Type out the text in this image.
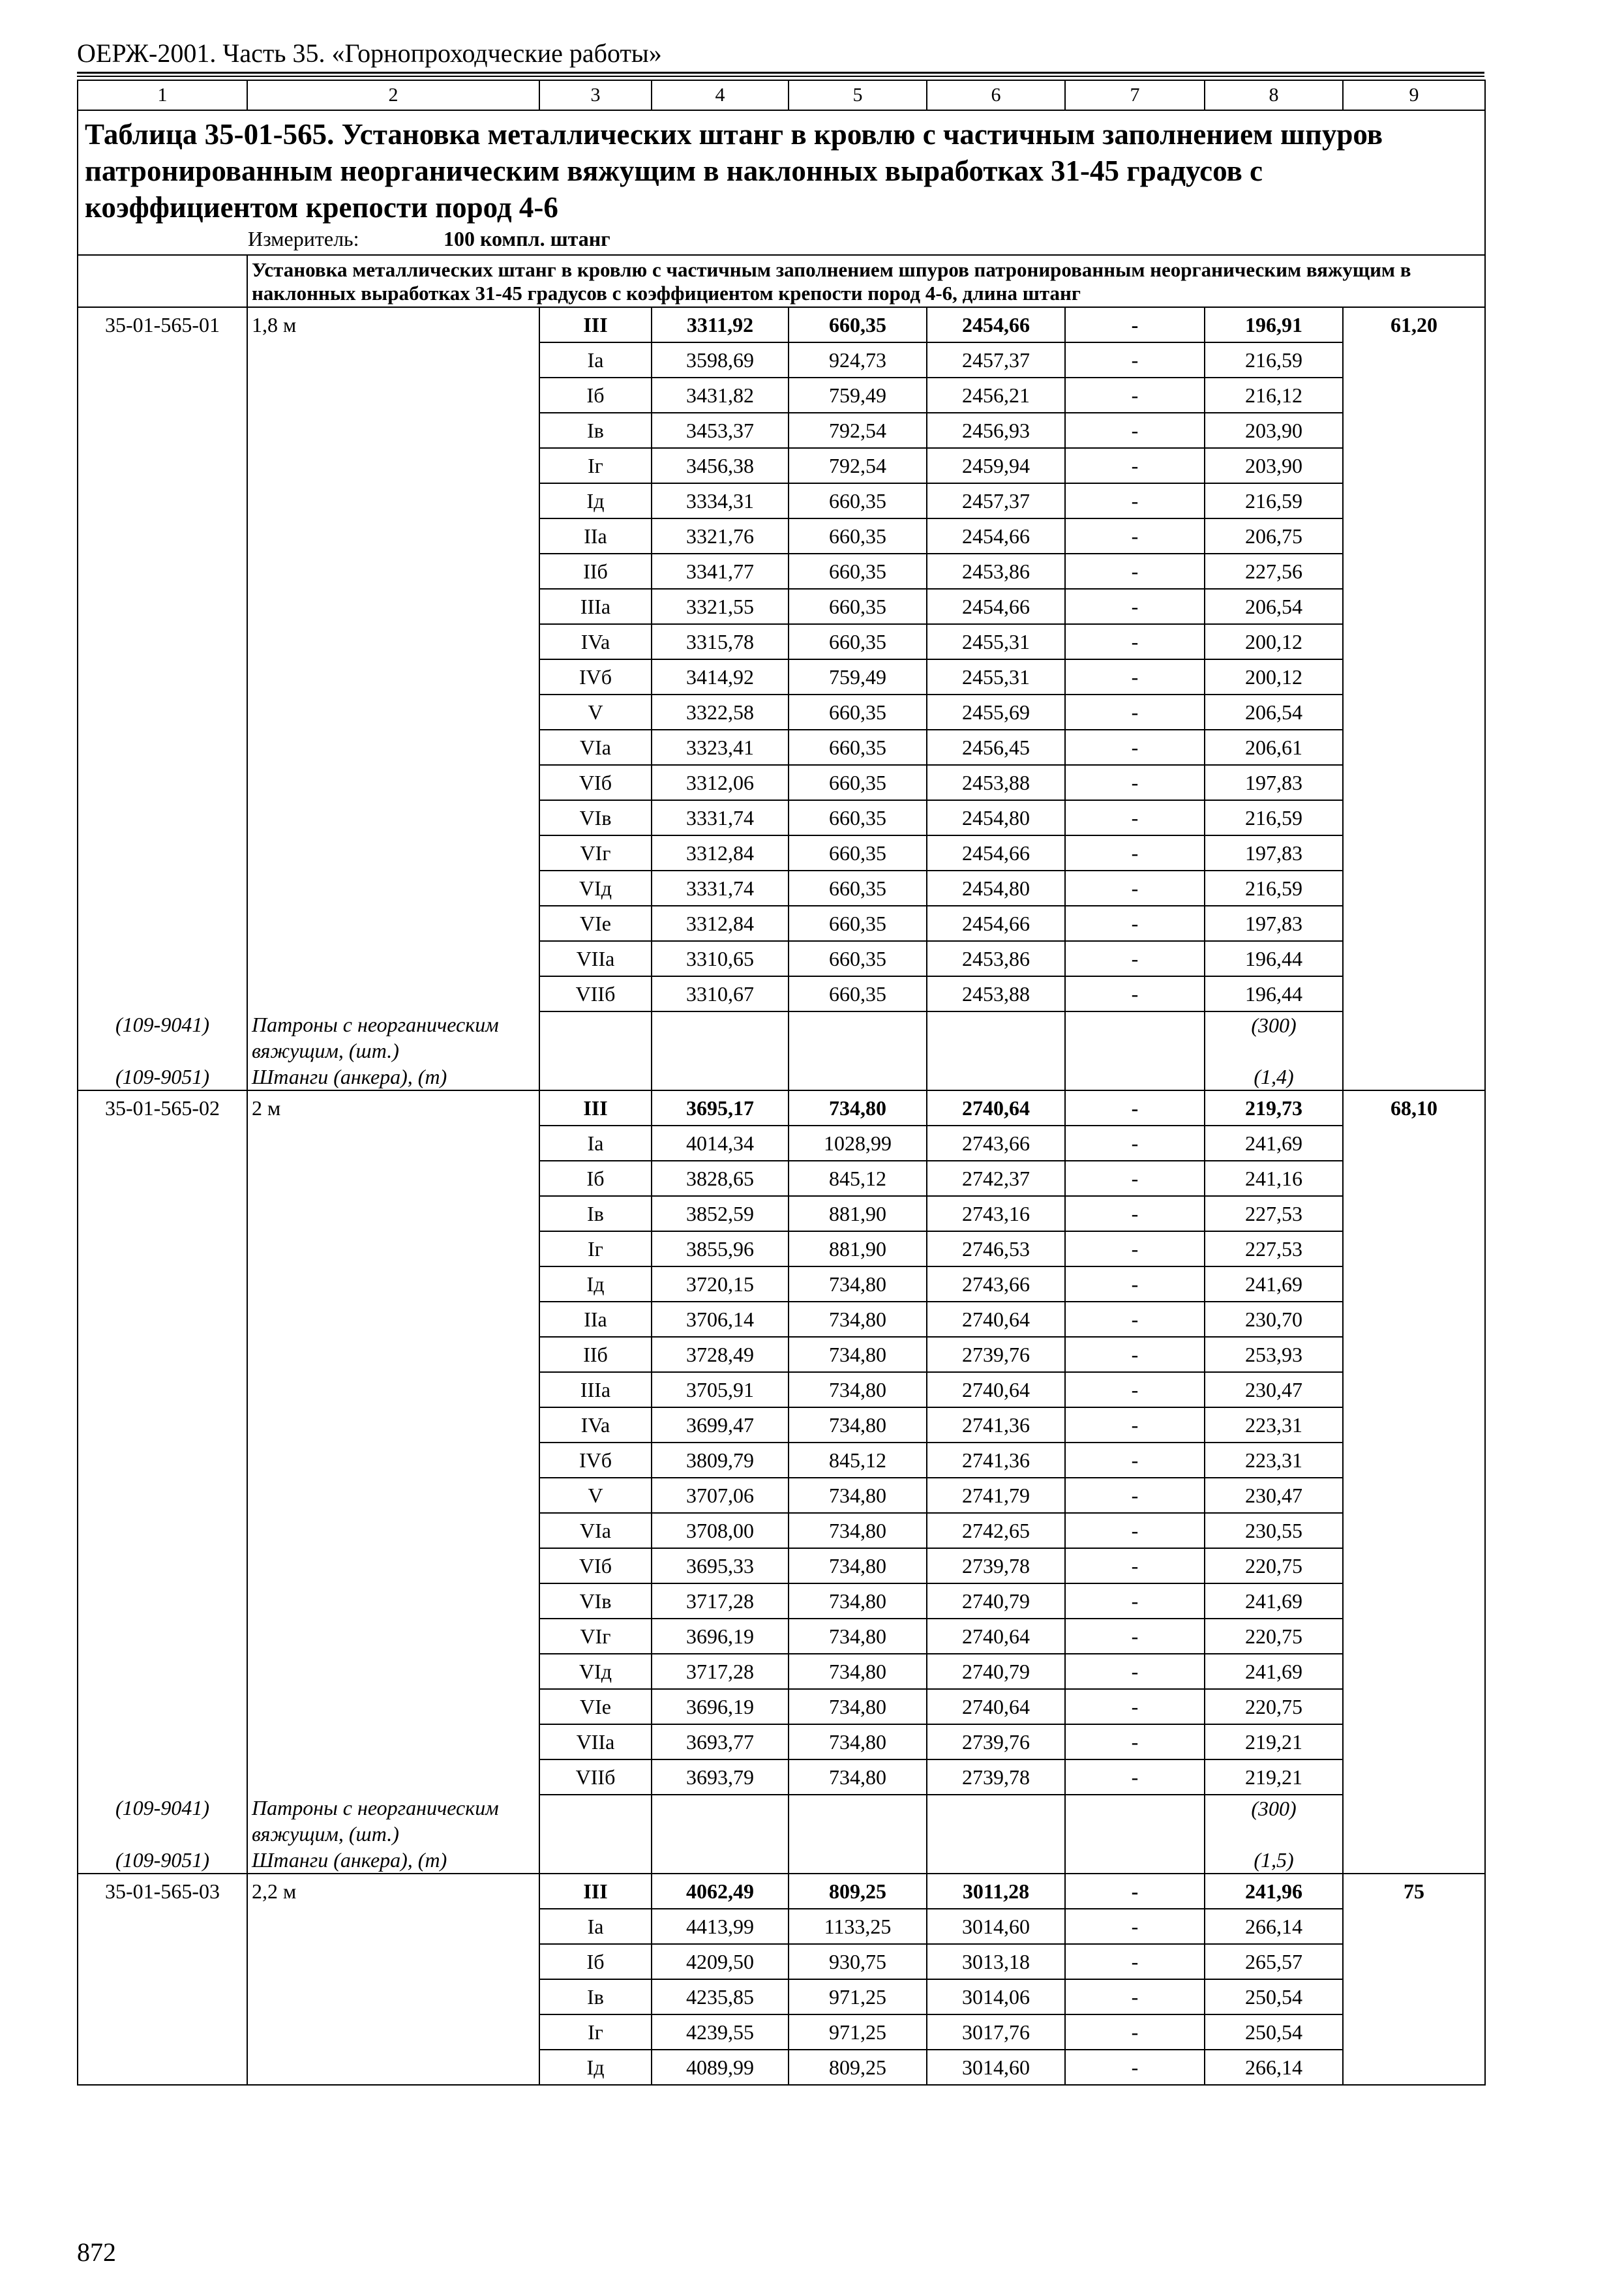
ОЕРЖ-2001. Часть 35. «Горнопроходческие работы»
1	2	3	4	5	6	7	8	9

Таблица 35-01-565. Установка металлических штанг в кровлю с частичным заполнением шпуров патронированным неорганическим вяжущим в наклонных выработках 31-45 градусов с коэффициентом крепости пород 4-6
Измеритель: 100 компл. штанг								

	Установка металлических штанг в кровлю с частичным заполнением шпуров патронированным неорганическим вяжущим в наклонных выработках 31-45 градусов с коэффициентом крепости пород 4-6, длина штанг							
35-01-565-01	1,8 м	III	3311,92	660,35	2454,66	-	196,91	61,20
		Ia	3598,69	924,73	2457,37	-	216,59	
		Iб	3431,82	759,49	2456,21	-	216,12	
		Iв	3453,37	792,54	2456,93	-	203,90	
		Iг	3456,38	792,54	2459,94	-	203,90	
		Iд	3334,31	660,35	2457,37	-	216,59	
		IIa	3321,76	660,35	2454,66	-	206,75	
		IIб	3341,77	660,35	2453,86	-	227,56	
		IIIa	3321,55	660,35	2454,66	-	206,54	
		IVa	3315,78	660,35	2455,31	-	200,12	
		IVб	3414,92	759,49	2455,31	-	200,12	
		V	3322,58	660,35	2455,69	-	206,54	
		VIa	3323,41	660,35	2456,45	-	206,61	
		VIб	3312,06	660,35	2453,88	-	197,83	
		VIв	3331,74	660,35	2454,80	-	216,59	
		VIг	3312,84	660,35	2454,66	-	197,83	
		VIд	3331,74	660,35	2454,80	-	216,59	
		VIe	3312,84	660,35	2454,66	-	197,83	
		VIIa	3310,65	660,35	2453,86	-	196,44	
		VIIб	3310,67	660,35	2453,88	-	196,44	
(109-9041)	Патроны с неорганическим вяжущим, (шт.)						(300)	
(109-9051)	Штанги (анкера), (т)						(1,4)	
35-01-565-02	2 м	III	3695,17	734,80	2740,64	-	219,73	68,10
		Ia	4014,34	1028,99	2743,66	-	241,69	
		Iб	3828,65	845,12	2742,37	-	241,16	
		Iв	3852,59	881,90	2743,16	-	227,53	
		Iг	3855,96	881,90	2746,53	-	227,53	
		Iд	3720,15	734,80	2743,66	-	241,69	
		IIa	3706,14	734,80	2740,64	-	230,70	
		IIб	3728,49	734,80	2739,76	-	253,93	
		IIIa	3705,91	734,80	2740,64	-	230,47	
		IVa	3699,47	734,80	2741,36	-	223,31	
		IVб	3809,79	845,12	2741,36	-	223,31	
		V	3707,06	734,80	2741,79	-	230,47	
		VIa	3708,00	734,80	2742,65	-	230,55	
		VIб	3695,33	734,80	2739,78	-	220,75	
		VIв	3717,28	734,80	2740,79	-	241,69	
		VIг	3696,19	734,80	2740,64	-	220,75	
		VIд	3717,28	734,80	2740,79	-	241,69	
		VIe	3696,19	734,80	2740,64	-	220,75	
		VIIa	3693,77	734,80	2739,76	-	219,21	
		VIIб	3693,79	734,80	2739,78	-	219,21	
(109-9041)	Патроны с неорганическим вяжущим, (шт.)						(300)	
(109-9051)	Штанги (анкера), (т)						(1,5)	
35-01-565-03	2,2 м	III	4062,49	809,25	3011,28	-	241,96	75
		Ia	4413,99	1133,25	3014,60	-	266,14	
		Iб	4209,50	930,75	3013,18	-	265,57	
		Iв	4235,85	971,25	3014,06	-	250,54	
		Iг	4239,55	971,25	3017,76	-	250,54	
		Iд	4089,99	809,25	3014,60	-	266,14	
872
